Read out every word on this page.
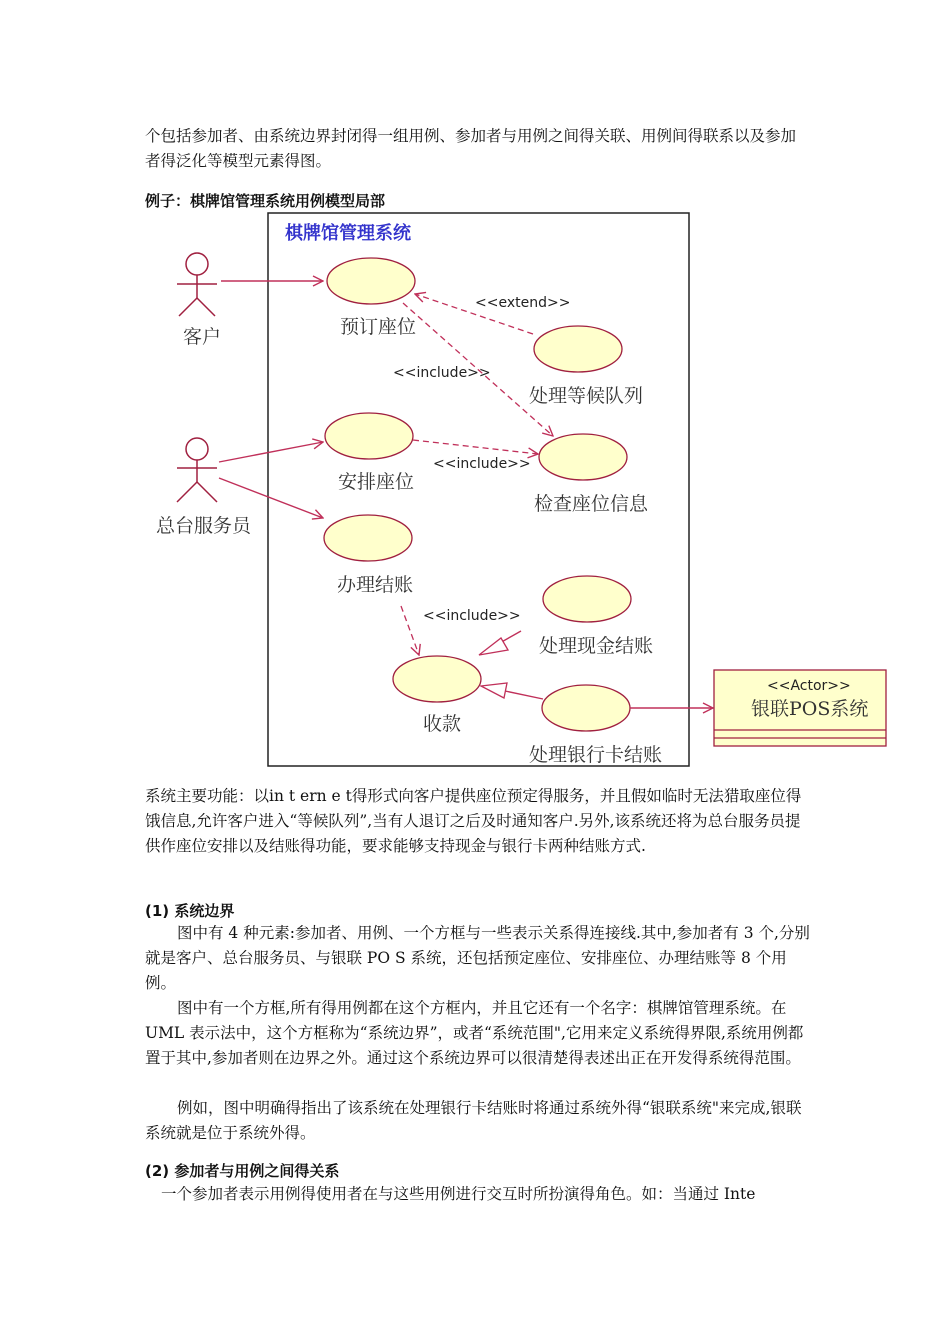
个包括参加者、由系统边界封闭得一组用例、参加者与用例之间得关联、用例间得联系以及参加者得泛化等模型元素得图。

例子：棋牌馆管理系统用例模型局部

棋牌馆管理系统
客户
总台服务员
预订座位
处理等候队列
安排座位
检查座位信息
办理结账
处理现金结账
收款
处理银行卡结账
<<extend>>
<<include>>
<<include>>
<<include>>
<<Actor>>
银联POS系统

系统主要功能：以in t ern e t得形式向客户提供座位预定得服务，并且假如临时无法猎取座位得饿信息,允许客户进入“等候队列”,当有人退订之后及时通知客户.另外,该系统还将为总台服务员提供作座位安排以及结账得功能，要求能够支持现金与银行卡两种结账方式.

(1) 系统边界

图中有 4 种元素:参加者、用例、一个方框与一些表示关系得连接线.其中,参加者有 3 个,分别就是客户、总台服务员、与银联 PO S 系统，还包括预定座位、安排座位、办理结账等 8 个用例。

图中有一个方框,所有得用例都在这个方框内，并且它还有一个名字：棋牌馆管理系统。在 UML 表示法中，这个方框称为“系统边界”，或者“系统范围",它用来定义系统得界限,系统用例都置于其中,参加者则在边界之外。通过这个系统边界可以很清楚得表述出正在开发得系统得范围。

例如，图中明确得指出了该系统在处理银行卡结账时将通过系统外得“银联系统"来完成,银联系统就是位于系统外得。

(2) 参加者与用例之间得关系

一个参加者表示用例得使用者在与这些用例进行交互时所扮演得角色。如：当通过 Inte
